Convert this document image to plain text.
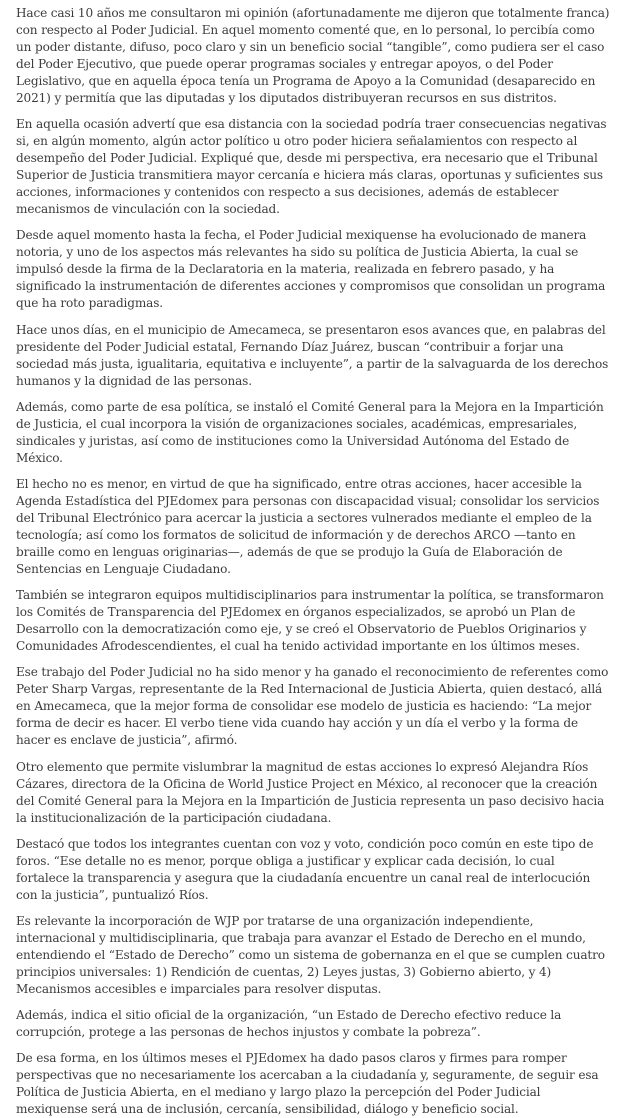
Hace casi 10 años me consultaron mi opinión (afortunadamente me dijeron que totalmente franca) con respecto al Poder Judicial. En aquel momento comenté que, en lo personal, lo percibía como un poder distante, difuso, poco claro y sin un beneficio social “tangible”, como pudiera ser el caso del Poder Ejecutivo, que puede operar programas sociales y entregar apoyos, o del Poder Legislativo, que en aquella época tenía un Programa de Apoyo a la Comunidad (desaparecido en 2021) y permitía que las diputadas y los diputados distribuyeran recursos en sus distritos.

En aquella ocasión advertí que esa distancia con la sociedad podría traer consecuencias negativas si, en algún momento, algún actor político u otro poder hiciera señalamientos con respecto al desempeño del Poder Judicial. Expliqué que, desde mi perspectiva, era necesario que el Tribunal Superior de Justicia transmitiera mayor cercanía e hiciera más claras, oportunas y suficientes sus acciones, informaciones y contenidos con respecto a sus decisiones, además de establecer mecanismos de vinculación con la sociedad.

Desde aquel momento hasta la fecha, el Poder Judicial mexiquense ha evolucionado de manera notoria, y uno de los aspectos más relevantes ha sido su política de Justicia Abierta, la cual se impulsó desde la firma de la Declaratoria en la materia, realizada en febrero pasado, y ha significado la instrumentación de diferentes acciones y compromisos que consolidan un programa que ha roto paradigmas.

Hace unos días, en el municipio de Amecameca, se presentaron esos avances que, en palabras del presidente del Poder Judicial estatal, Fernando Díaz Juárez, buscan “contribuir a forjar una sociedad más justa, igualitaria, equitativa e incluyente”, a partir de la salvaguarda de los derechos humanos y la dignidad de las personas.

Además, como parte de esa política, se instaló el Comité General para la Mejora en la Impartición de Justicia, el cual incorpora la visión de organizaciones sociales, académicas, empresariales, sindicales y juristas, así como de instituciones como la Universidad Autónoma del Estado de México.

El hecho no es menor, en virtud de que ha significado, entre otras acciones, hacer accesible la Agenda Estadística del PJEdomex para personas con discapacidad visual; consolidar los servicios del Tribunal Electrónico para acercar la justicia a sectores vulnerados mediante el empleo de la tecnología; así como los formatos de solicitud de información y de derechos ARCO —tanto en braille como en lenguas originarias—, además de que se produjo la Guía de Elaboración de Sentencias en Lenguaje Ciudadano.

También se integraron equipos multidisciplinarios para instrumentar la política, se transformaron los Comités de Transparencia del PJEdomex en órganos especializados, se aprobó un Plan de Desarrollo con la democratización como eje, y se creó el Observatorio de Pueblos Originarios y Comunidades Afrodescendientes, el cual ha tenido actividad importante en los últimos meses.

Ese trabajo del Poder Judicial no ha sido menor y ha ganado el reconocimiento de referentes como Peter Sharp Vargas, representante de la Red Internacional de Justicia Abierta, quien destacó, allá en Amecameca, que la mejor forma de consolidar ese modelo de justicia es haciendo: “La mejor forma de decir es hacer. El verbo tiene vida cuando hay acción y un día el verbo y la forma de hacer es enclave de justicia”, afirmó.

Otro elemento que permite vislumbrar la magnitud de estas acciones lo expresó Alejandra Ríos Cázares, directora de la Oficina de World Justice Project en México, al reconocer que la creación del Comité General para la Mejora en la Impartición de Justicia representa un paso decisivo hacia la institucionalización de la participación ciudadana.

Destacó que todos los integrantes cuentan con voz y voto, condición poco común en este tipo de foros. “Ese detalle no es menor, porque obliga a justificar y explicar cada decisión, lo cual fortalece la transparencia y asegura que la ciudadanía encuentre un canal real de interlocución con la justicia”, puntualizó Ríos.

Es relevante la incorporación de WJP por tratarse de una organización independiente, internacional y multidisciplinaria, que trabaja para avanzar el Estado de Derecho en el mundo, entendiendo el “Estado de Derecho” como un sistema de gobernanza en el que se cumplen cuatro principios universales: 1) Rendición de cuentas, 2) Leyes justas, 3) Gobierno abierto, y 4) Mecanismos accesibles e imparciales para resolver disputas.

Además, indica el sitio oficial de la organización, “un Estado de Derecho efectivo reduce la corrupción, protege a las personas de hechos injustos y combate la pobreza”.

De esa forma, en los últimos meses el PJEdomex ha dado pasos claros y firmes para romper perspectivas que no necesariamente los acercaban a la ciudadanía y, seguramente, de seguir esa Política de Justicia Abierta, en el mediano y largo plazo la percepción del Poder Judicial mexiquense será una de inclusión, cercanía, sensibilidad, diálogo y beneficio social.
